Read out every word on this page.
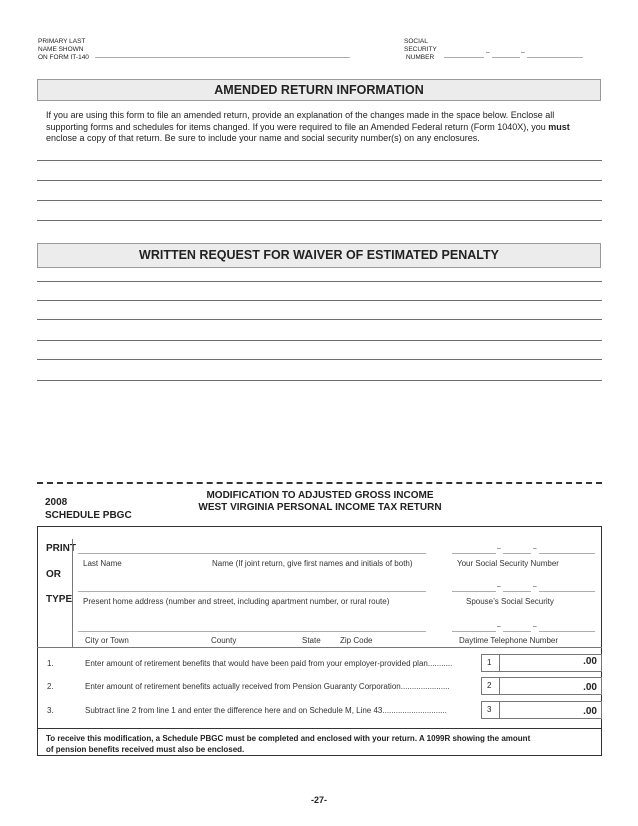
PRIMARY LAST
NAME SHOWN
ON FORM IT-140
SOCIAL
SECURITY
NUMBER
–	–
AMENDED RETURN INFORMATION
If you are using this form to file an amended return, provide an explanation of the changes made in the space below. Enclose all
supporting forms and schedules for items changed. If you were required to file an Amended Federal return (Form 1040X), you must
enclose a copy of that return. Be sure to include your name and social security number(s) on any enclosures.
WRITTEN REQUEST FOR WAIVER OF ESTIMATED PENALTY
2008
SCHEDULE PBGC
MODIFICATION TO ADJUSTED GROSS INCOME
WEST VIRGINIA PERSONAL INCOME TAX RETURN
PRINT
OR
TYPE
–	–
Last Name	Name (If joint return, give first names and initials of both)	Your Social Security Number
–	–
Present home address (number and street, including apartment number, or rural route)	Spouse’s Social Security
–	–
City or Town	County	State Zip Code	Daytime Telephone Number
1.	Enter amount of retirement benefits that would have been paid from your employer-provided plan...........	1	.00
2.	Enter amount of retirement benefits actually received from Pension Guaranty Corporation......................	2	.00
3.	Subtract line 2 from line 1 and enter the difference here and on Schedule M, Line 43.............................	3	.00
To receive this modification, a Schedule PBGC must be completed and enclosed with your return. A 1099R showing the amount
of pension benefits received must also be enclosed.
-27-
